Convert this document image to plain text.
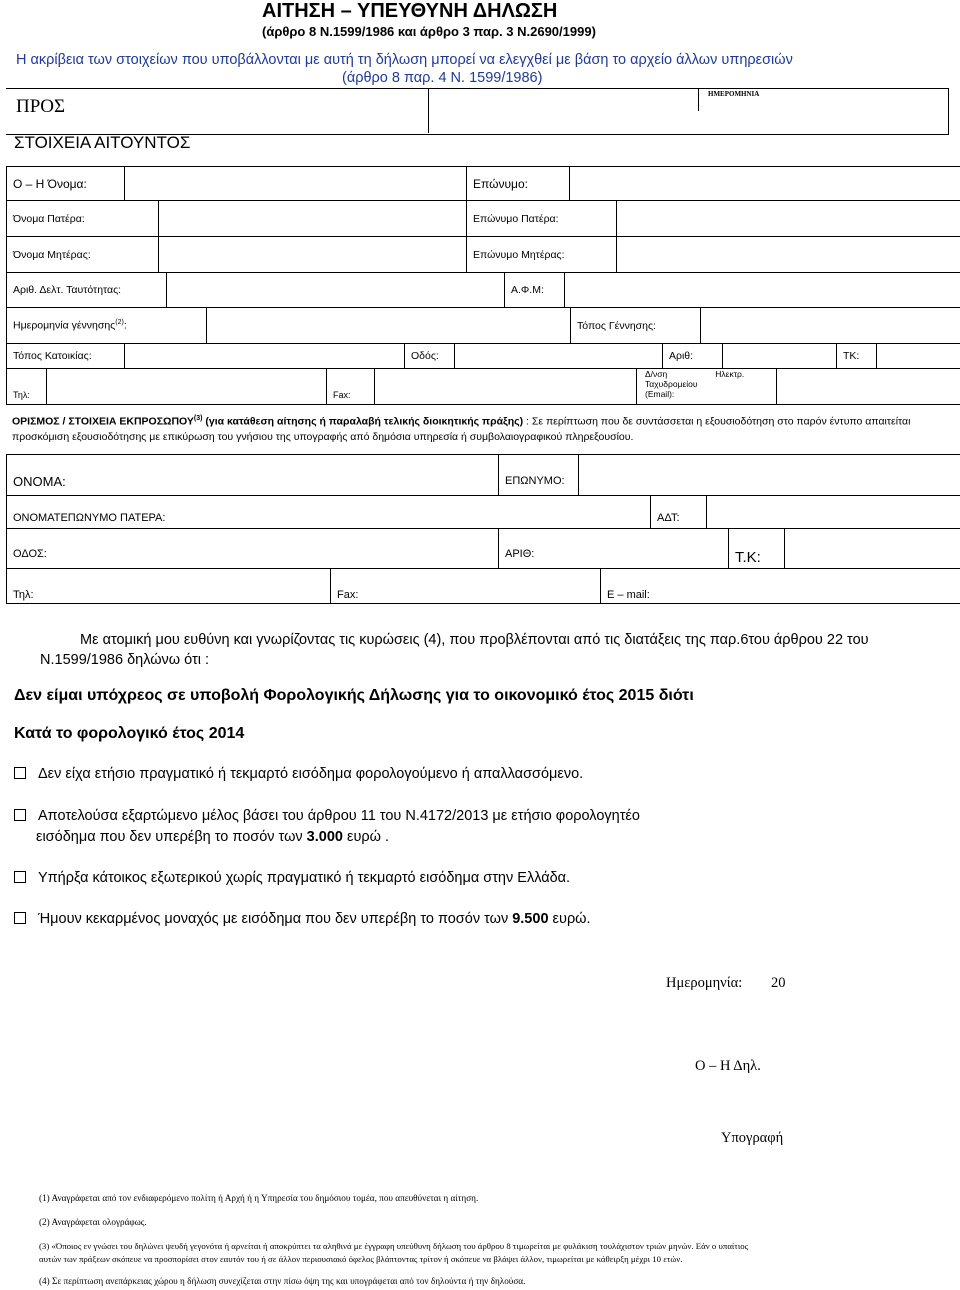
ΑΙΤΗΣΗ – ΥΠΕΥΘΥΝΗ ΔΗΛΩΣΗ
(άρθρο 8 Ν.1599/1986 και άρθρο 3 παρ. 3 Ν.2690/1999)
Η ακρίβεια των στοιχείων που υποβάλλονται με αυτή τη δήλωση μπορεί να ελεγχθεί με βάση το αρχείο άλλων υπηρεσιών
(άρθρο 8 παρ. 4 Ν. 1599/1986)
ΠΡΟΣ
ΗΜΕΡΟΜΗΝΙΑ
ΣΤΟΙΧΕΙΑ ΑΙΤΟΥΝΤΟΣ
Ο – Η Όνομα:		Επώνυμο:	
Όνομα Πατέρα:		Επώνυμο Πατέρα:	
Όνομα Μητέρας:		Επώνυμο Μητέρας:	
Αριθ. Δελτ. Ταυτότητας:		Α.Φ.Μ:	
Ημερομηνία γέννησης$^{(2)}$:		Τόπος Γέννησης:	
Τόπος Κατοικίας:		Οδός:		Αριθ:		ΤΚ:	
Τηλ:		Fax:		
Δ/νση	Ηλεκτρ.
Ταχυδρομείου
(Email):

ΟΡΙΣΜΟΣ / ΣΤΟΙΧΕΙΑ ΕΚΠΡΟΣΩΠΟΥ$^{(3)}$ (για κατάθεση αίτησης ή παραλαβή τελικής διοικητικής πράξης) : Σε περίπτωση που δε συντάσσεται η εξουσιοδότηση στο παρόν έντυπο απαιτείται
προσκόμιση εξουσιοδότησης με επικύρωση του γνήσιου της υπογραφής από δημόσια υπηρεσία ή συμβολαιογραφικού πληρεξουσίου.
ΟΝΟΜΑ:	ΕΠΩΝΥΜΟ:	
ΟΝΟΜΑΤΕΠΩΝΥΜΟ ΠΑΤΕΡΑ:	ΑΔΤ:	
ΟΔΟΣ:	ΑΡΙΘ:	Τ.Κ:	
Τηλ:	Fax:	E – mail:
Με ατομική μου ευθύνη και γνωρίζοντας τις κυρώσεις (4), που προβλέπονται από τις διατάξεις της παρ.6του άρθρου 22 του
Ν.1599/1986 δηλώνω ότι :
Δεν είμαι υπόχρεος σε υποβολή Φορολογικής Δήλωσης για το οικονομικό έτος 2015 διότι
Κατά το φορολογικό έτος 2014
Δεν είχα ετήσιο πραγματικό ή τεκμαρτό εισόδημα φορολογούμενο ή απαλλασσόμενο.
Αποτελούσα εξαρτώμενο μέλος βάσει του άρθρου 11 του Ν.4172/2013 με ετήσιο φορολογητέο
εισόδημα που δεν υπερέβη το ποσόν των 3.000 ευρώ .
Υπήρξα κάτοικος εξωτερικού χωρίς πραγματικό ή τεκμαρτό εισόδημα στην Ελλάδα.
Ήμουν κεκαρμένος μοναχός με εισόδημα που δεν υπερέβη το ποσόν των 9.500 ευρώ.
Ημερομηνία: 20
Ο – Η Δηλ.
Υπογραφή
(1) Αναγράφεται από τον ενδιαφερόμενο πολίτη ή Αρχή ή η Υπηρεσία του δημόσιου τομέα, που απευθύνεται η αίτηση.
(2) Αναγράφεται ολογράφως.
(3) «Όποιος εν γνώσει του δηλώνει ψευδή γεγονότα ή αρνείται ή αποκρύπτει τα αληθινά με έγγραφη υπεύθυνη δήλωση του άρθρου 8 τιμωρείται με φυλάκιση τουλάχιστον τριών μηνών. Εάν ο υπαίτιος
αυτών των πράξεων σκόπευε να προσπορίσει στον εαυτόν του ή σε άλλον περιουσιακό όφελος βλάπτοντας τρίτον ή σκόπευε να βλάψει άλλον, τιμωρείται με κάθειρξη μέχρι 10 ετών.
(4) Σε περίπτωση ανεπάρκειας χώρου η δήλωση συνεχίζεται στην πίσω όψη της και υπογράφεται από τον δηλούντα ή την δηλούσα.
